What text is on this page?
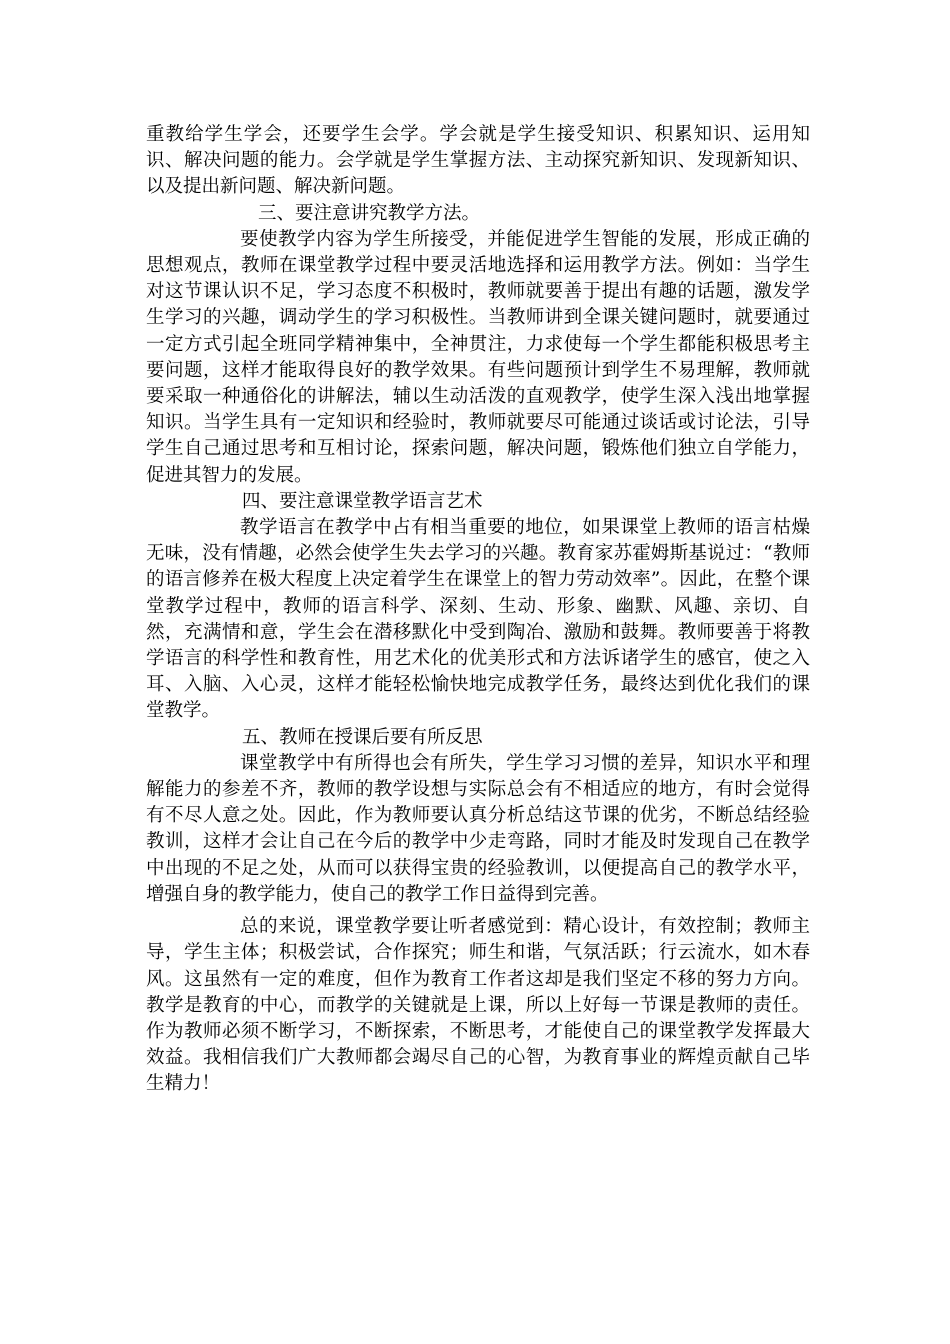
重教给学生学会，还要学生会学。学会就是学生接受知识、积累知识、运用知识、解决问题的能力。会学就是学生掌握方法、主动探究新知识、发现新知识、以及提出新问题、解决新问题。

三、要注意讲究教学方法。

要使教学内容为学生所接受，并能促进学生智能的发展，形成正确的思想观点，教师在课堂教学过程中要灵活地选择和运用教学方法。例如：当学生对这节课认识不足，学习态度不积极时，教师就要善于提出有趣的话题，激发学生学习的兴趣，调动学生的学习积极性。当教师讲到全课关键问题时，就要通过一定方式引起全班同学精神集中，全神贯注，力求使每一个学生都能积极思考主要问题，这样才能取得良好的教学效果。有些问题预计到学生不易理解，教师就要采取一种通俗化的讲解法，辅以生动活泼的直观教学，使学生深入浅出地掌握知识。当学生具有一定知识和经验时，教师就要尽可能通过谈话或讨论法，引导学生自己通过思考和互相讨论，探索问题，解决问题，锻炼他们独立自学能力，促进其智力的发展。

四、要注意课堂教学语言艺术

教学语言在教学中占有相当重要的地位，如果课堂上教师的语言枯燥无味，没有情趣，必然会使学生失去学习的兴趣。教育家苏霍姆斯基说过：“教师的语言修养在极大程度上决定着学生在课堂上的智力劳动效率”。因此，在整个课堂教学过程中，教师的语言科学、深刻、生动、形象、幽默、风趣、亲切、自然，充满情和意，学生会在潜移默化中受到陶冶、激励和鼓舞。教师要善于将教学语言的科学性和教育性，用艺术化的优美形式和方法诉诸学生的感官，使之入耳、入脑、入心灵，这样才能轻松愉快地完成教学任务，最终达到优化我们的课堂教学。

五、教师在授课后要有所反思

课堂教学中有所得也会有所失，学生学习习惯的差异，知识水平和理解能力的参差不齐，教师的教学设想与实际总会有不相适应的地方，有时会觉得有不尽人意之处。因此，作为教师要认真分析总结这节课的优劣，不断总结经验教训，这样才会让自己在今后的教学中少走弯路，同时才能及时发现自己在教学中出现的不足之处，从而可以获得宝贵的经验教训，以便提高自己的教学水平，增强自身的教学能力，使自己的教学工作日益得到完善。

总的来说，课堂教学要让听者感觉到：精心设计，有效控制；教师主导，学生主体；积极尝试，合作探究；师生和谐，气氛活跃；行云流水，如木春风。这虽然有一定的难度，但作为教育工作者这却是我们坚定不移的努力方向。教学是教育的中心，而教学的关键就是上课，所以上好每一节课是教师的责任。作为教师必须不断学习，不断探索，不断思考，才能使自己的课堂教学发挥最大效益。我相信我们广大教师都会竭尽自己的心智，为教育事业的辉煌贡献自己毕生精力！
